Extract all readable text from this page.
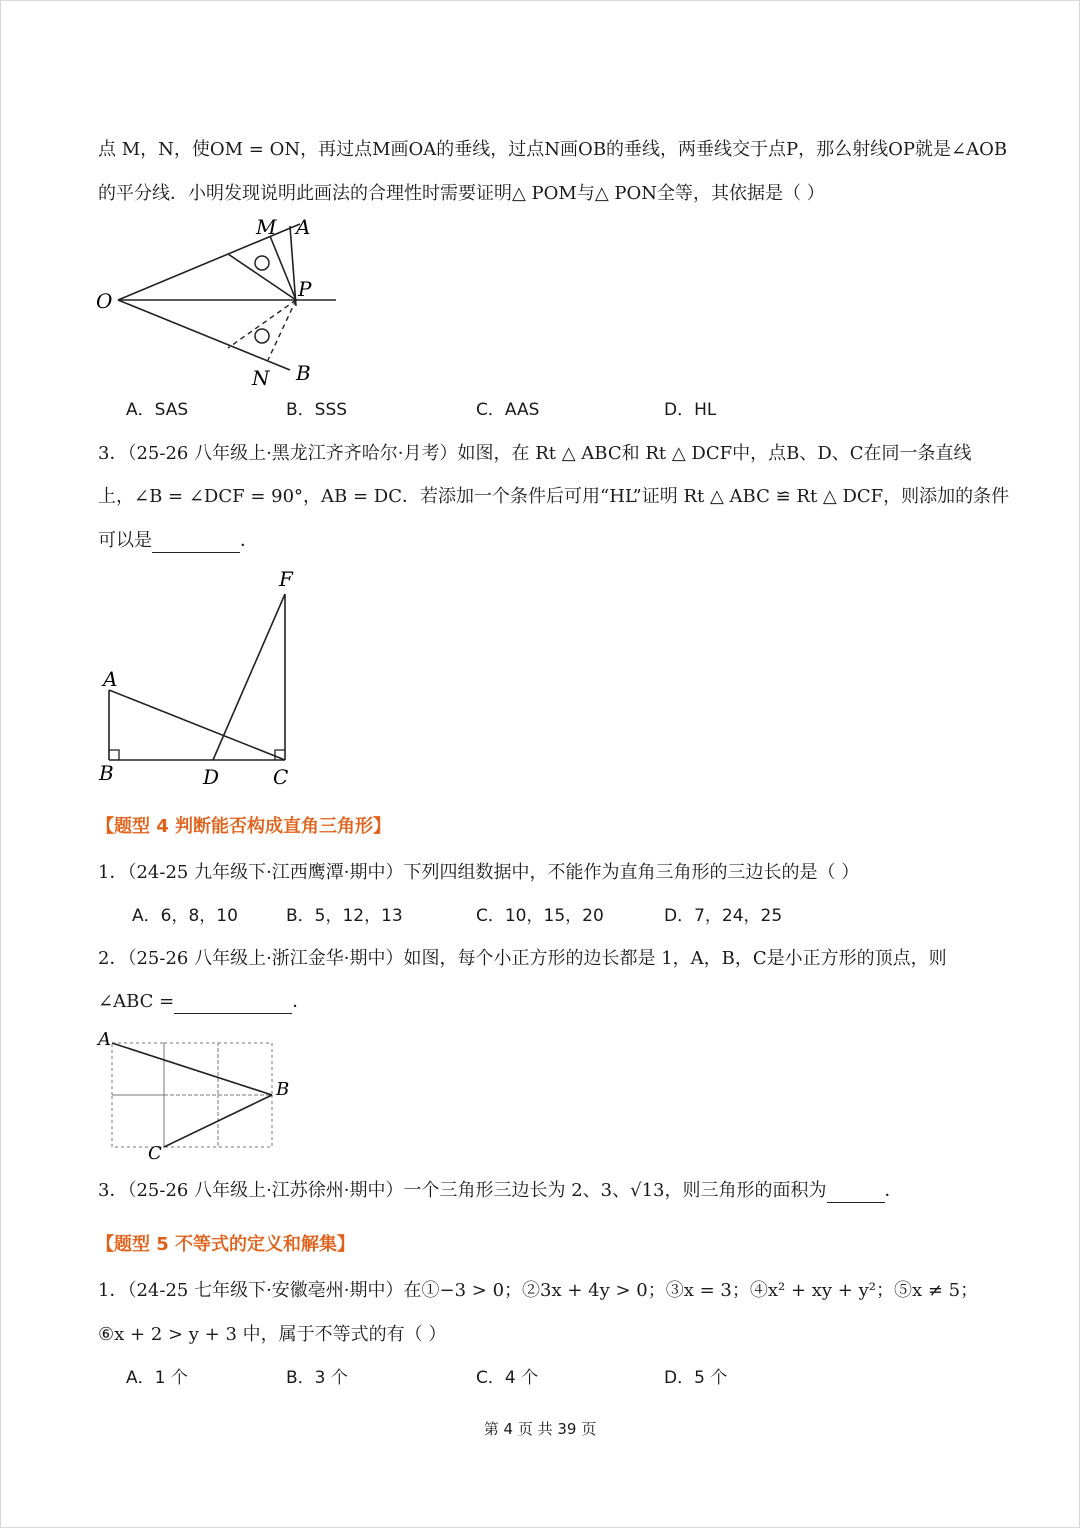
点 M，N，使OM = ON，再过点M画OA的垂线，过点N画OB的垂线，两垂线交于点P，那么射线OP就是∠AOB
的平分线．小明发现说明此画法的合理性时需要证明△ POM与△ PON全等，其依据是（ ）
M A
O	P
N B
A．SAS	B．SSS	C．AAS	D．HL
3．（25-26 八年级上·黑龙江齐齐哈尔·月考）如图，在 Rt △ ABC和 Rt △ DCF中，点B、D、C在同一条直线
上，∠B = ∠DCF = 90°，AB = DC．若添加一个条件后可用“HL”证明 Rt △ ABC ≌ Rt △ DCF，则添加的条件
可以是	．
F
A
B	D	C
【题型 4 判断能否构成直角三角形】
1．（24-25 九年级下·江西鹰潭·期中）下列四组数据中，不能作为直角三角形的三边长的是（ ）
A．6，8，10	B．5，12，13	C．10，15，20	D．7，24，25
2．（25-26 八年级上·浙江金华·期中）如图，每个小正方形的边长都是 1，A，B，C是小正方形的顶点，则
∠ABC =	．
A
B
C
3．（25-26 八年级上·江苏徐州·期中）一个三角形三边长为 2、3、√13，则三角形的面积为	．
【题型 5 不等式的定义和解集】
1．（24-25 七年级下·安徽亳州·期中）在①−3 > 0；②3x + 4y > 0；③x = 3；④x² + xy + y²；⑤x ≠ 5；
⑥x + 2 > y + 3 中，属于不等式的有（ ）
A．1 个	B．3 个	C．4 个	D．5 个
第 4 页 共 39 页
